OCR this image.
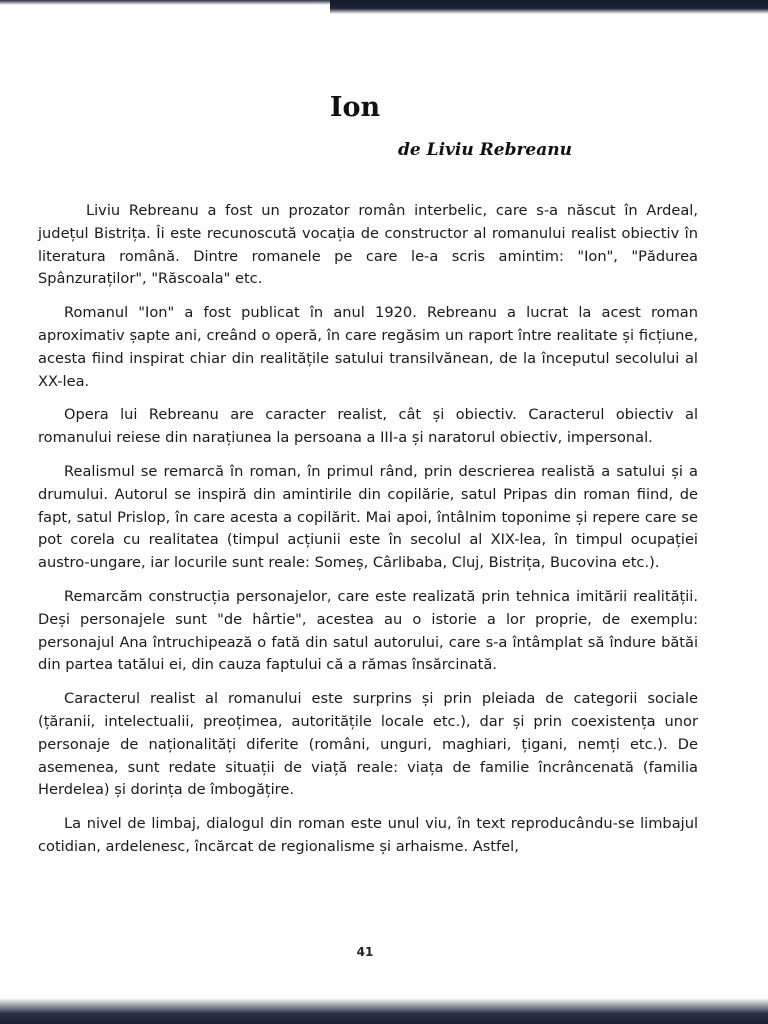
Ion
de Liviu Rebreanu

Liviu Rebreanu a fost un prozator român interbelic, care s-a născut în Ardeal, județul Bistrița. Îi este recunoscută vocația de constructor al romanului realist obiectiv în literatura română. Dintre romanele pe care le-a scris amintim: "Ion", "Pădurea Spânzuraților", "Răscoala" etc.

Romanul "Ion" a fost publicat în anul 1920. Rebreanu a lucrat la acest roman aproximativ șapte ani, creând o operă, în care regăsim un raport între realitate și ficțiune, acesta fiind inspirat chiar din realitățile satului transilvănean, de la începutul secolului al XX-lea.

Opera lui Rebreanu are caracter realist, cât și obiectiv. Caracterul obiectiv al romanului reiese din narațiunea la persoana a III-a și naratorul obiectiv, impersonal.

Realismul se remarcă în roman, în primul rând, prin descrierea realistă a satului și a drumului. Autorul se inspiră din amintirile din copilărie, satul Pripas din roman fiind, de fapt, satul Prislop, în care acesta a copilărit. Mai apoi, întâlnim toponime și repere care se pot corela cu realitatea (timpul acțiunii este în secolul al XIX-lea, în timpul ocupației austro-ungare, iar locurile sunt reale: Someș, Cârlibaba, Cluj, Bistrița, Bucovina etc.).

Remarcăm construcția personajelor, care este realizată prin tehnica imitării realității. Deși personajele sunt "de hârtie", acestea au o istorie a lor proprie, de exemplu: personajul Ana întruchipează o fată din satul autorului, care s-a întâmplat să îndure bătăi din partea tatălui ei, din cauza faptului că a rămas însărcinată.

Caracterul realist al romanului este surprins și prin pleiada de categorii sociale (țăranii, intelectualii, preoțimea, autoritățile locale etc.), dar și prin coexistența unor personaje de naționalități diferite (români, unguri, maghiari, țigani, nemți etc.). De asemenea, sunt redate situații de viață reale: viața de familie încrâncenată (familia Herdelea) și dorința de îmbogățire.

La nivel de limbaj, dialogul din roman este unul viu, în text reproducându-se limbajul cotidian, ardelenesc, încărcat de regionalisme și arhaisme. Astfel,

41
